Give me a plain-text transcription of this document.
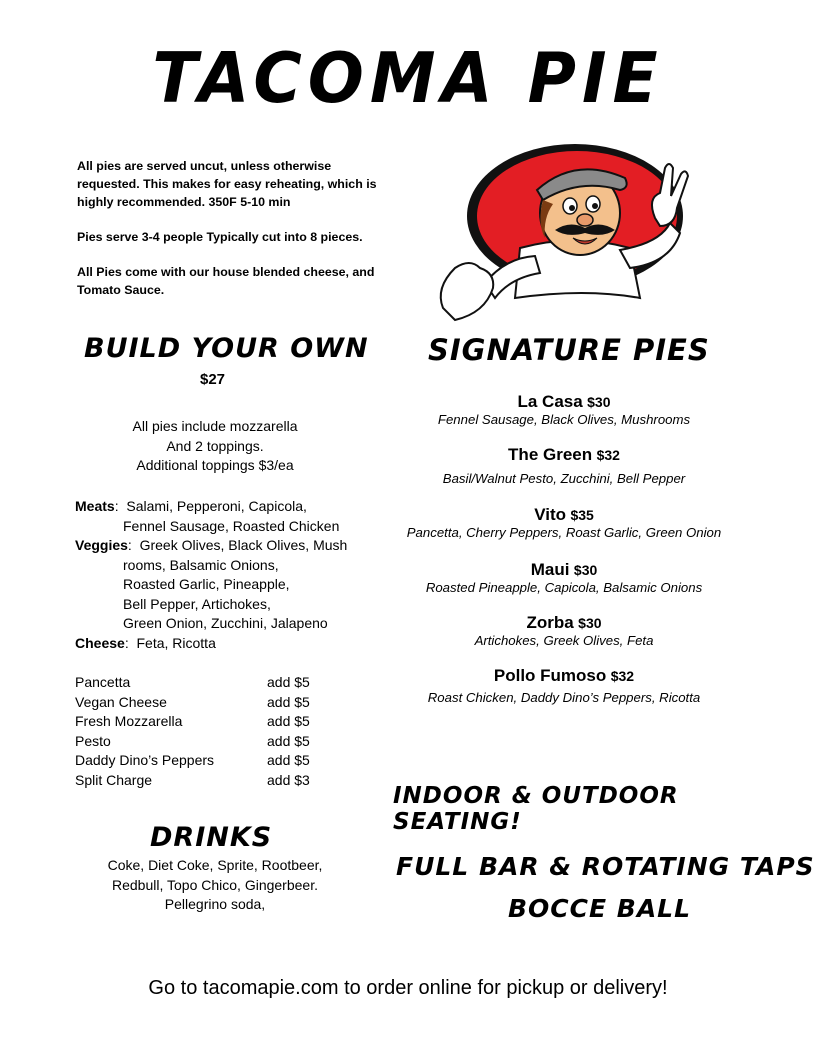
TACOMA PIE

All pies are served uncut, unless otherwise requested. This makes for easy reheating, which is highly recommended. 350F 5-10 min

Pies serve 3-4 people Typically cut into 8 pieces.

All Pies come with our house blended cheese, and Tomato Sauce.

BUILD YOUR OWN
$27
All pies include mozzarella
And 2 toppings.
Additional toppings $3/ea
Meats:  Salami, Pepperoni, Capicola,
Fennel Sausage, Roasted Chicken
Veggies:  Greek Olives, Black Olives, Mush
rooms, Balsamic Onions,
Roasted Garlic, Pineapple,
Bell Pepper, Artichokes,
Green Onion, Zucchini, Jalapeno
Cheese:  Feta, Ricotta
Pancetta	add $5
Vegan Cheese	add $5
Fresh Mozzarella	add $5
Pesto	add $5
Daddy Dino’s Peppers	add $5
Split Charge	add $3
DRINKS
Coke, Diet Coke, Sprite, Rootbeer,
Redbull, Topo Chico, Gingerbeer.
Pellegrino soda,
SIGNATURE PIES
La Casa $30
Fennel Sausage, Black Olives, Mushrooms
The Green $32
Basil/Walnut Pesto, Zucchini, Bell Pepper
Vito $35
Pancetta, Cherry Peppers, Roast Garlic, Green Onion
Maui $30
Roasted Pineapple, Capicola, Balsamic Onions
Zorba $30
Artichokes, Greek Olives, Feta
Pollo Fumoso $32
Roast Chicken, Daddy Dino’s Peppers, Ricotta
INDOOR & OUTDOOR SEATING!
FULL BAR & ROTATING TAPS
BOCCE BALL
Go to tacomapie.com to order online for pickup or delivery!
